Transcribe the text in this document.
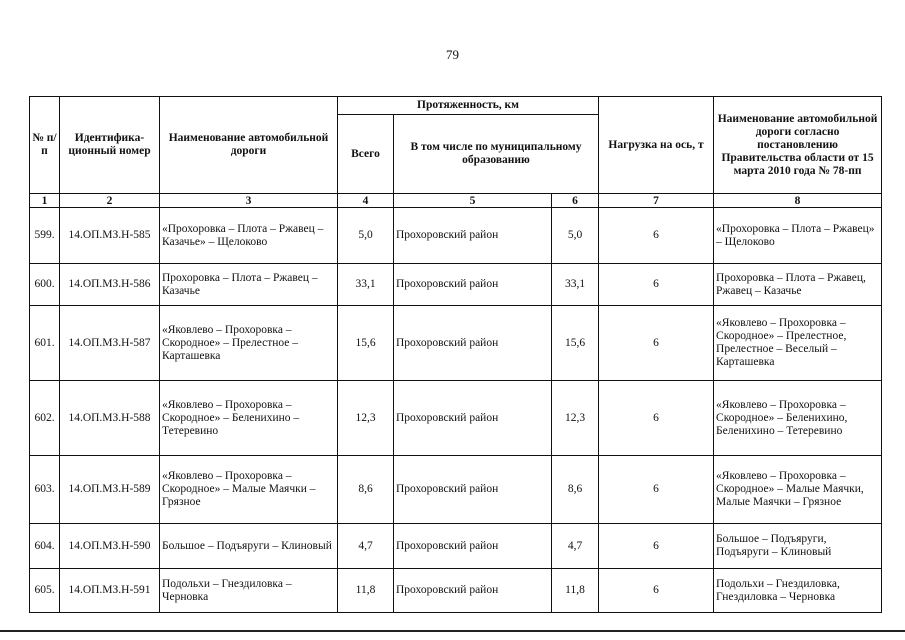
79
№ п/п	Идентифика-ционный номер	Наименование автомобильной дороги	Протяженность, км			Нагрузка на ось, т	Наименование автомобильной дороги согласно постановлению Правительства области от 15 марта 2010 года № 78-пп
			Всего	В том числе по муниципальному образованию			
1	2	3	4	5	6	7	8
599.	14.ОП.МЗ.Н-585	«Прохоровка – Плота – Ржавец – Казачье» – Щелоково	5,0	Прохоровский район	5,0	6	«Прохоровка – Плота – Ржавец» – Щелоково
600.	14.ОП.МЗ.Н-586	Прохоровка – Плота – Ржавец – Казачье	33,1	Прохоровский район	33,1	6	Прохоровка – Плота – Ржавец, Ржавец – Казачье
601.	14.ОП.МЗ.Н-587	«Яковлево – Прохоровка – Скородное» – Прелестное – Карташевка	15,6	Прохоровский район	15,6	6	«Яковлево – Прохоровка – Скородное» – Прелестное, Прелестное – Веселый – Карташевка
602.	14.ОП.МЗ.Н-588	«Яковлево – Прохоровка – Скородное» – Беленихино – Тетеревино	12,3	Прохоровский район	12,3	6	«Яковлево – Прохоровка – Скородное» – Беленихино, Беленихино – Тетеревино
603.	14.ОП.МЗ.Н-589	«Яковлево – Прохоровка – Скородное» – Малые Маячки – Грязное	8,6	Прохоровский район	8,6	6	«Яковлево – Прохоровка – Скородное» – Малые Маячки, Малые Маячки – Грязное
604.	14.ОП.МЗ.Н-590	Большое – Подъяруги – Клиновый	4,7	Прохоровский район	4,7	6	Большое – Подъяруги, Подъяруги – Клиновый
605.	14.ОП.МЗ.Н-591	Подольхи – Гнездиловка – Черновка	11,8	Прохоровский район	11,8	6	Подольхи – Гнездиловка, Гнездиловка – Черновка
